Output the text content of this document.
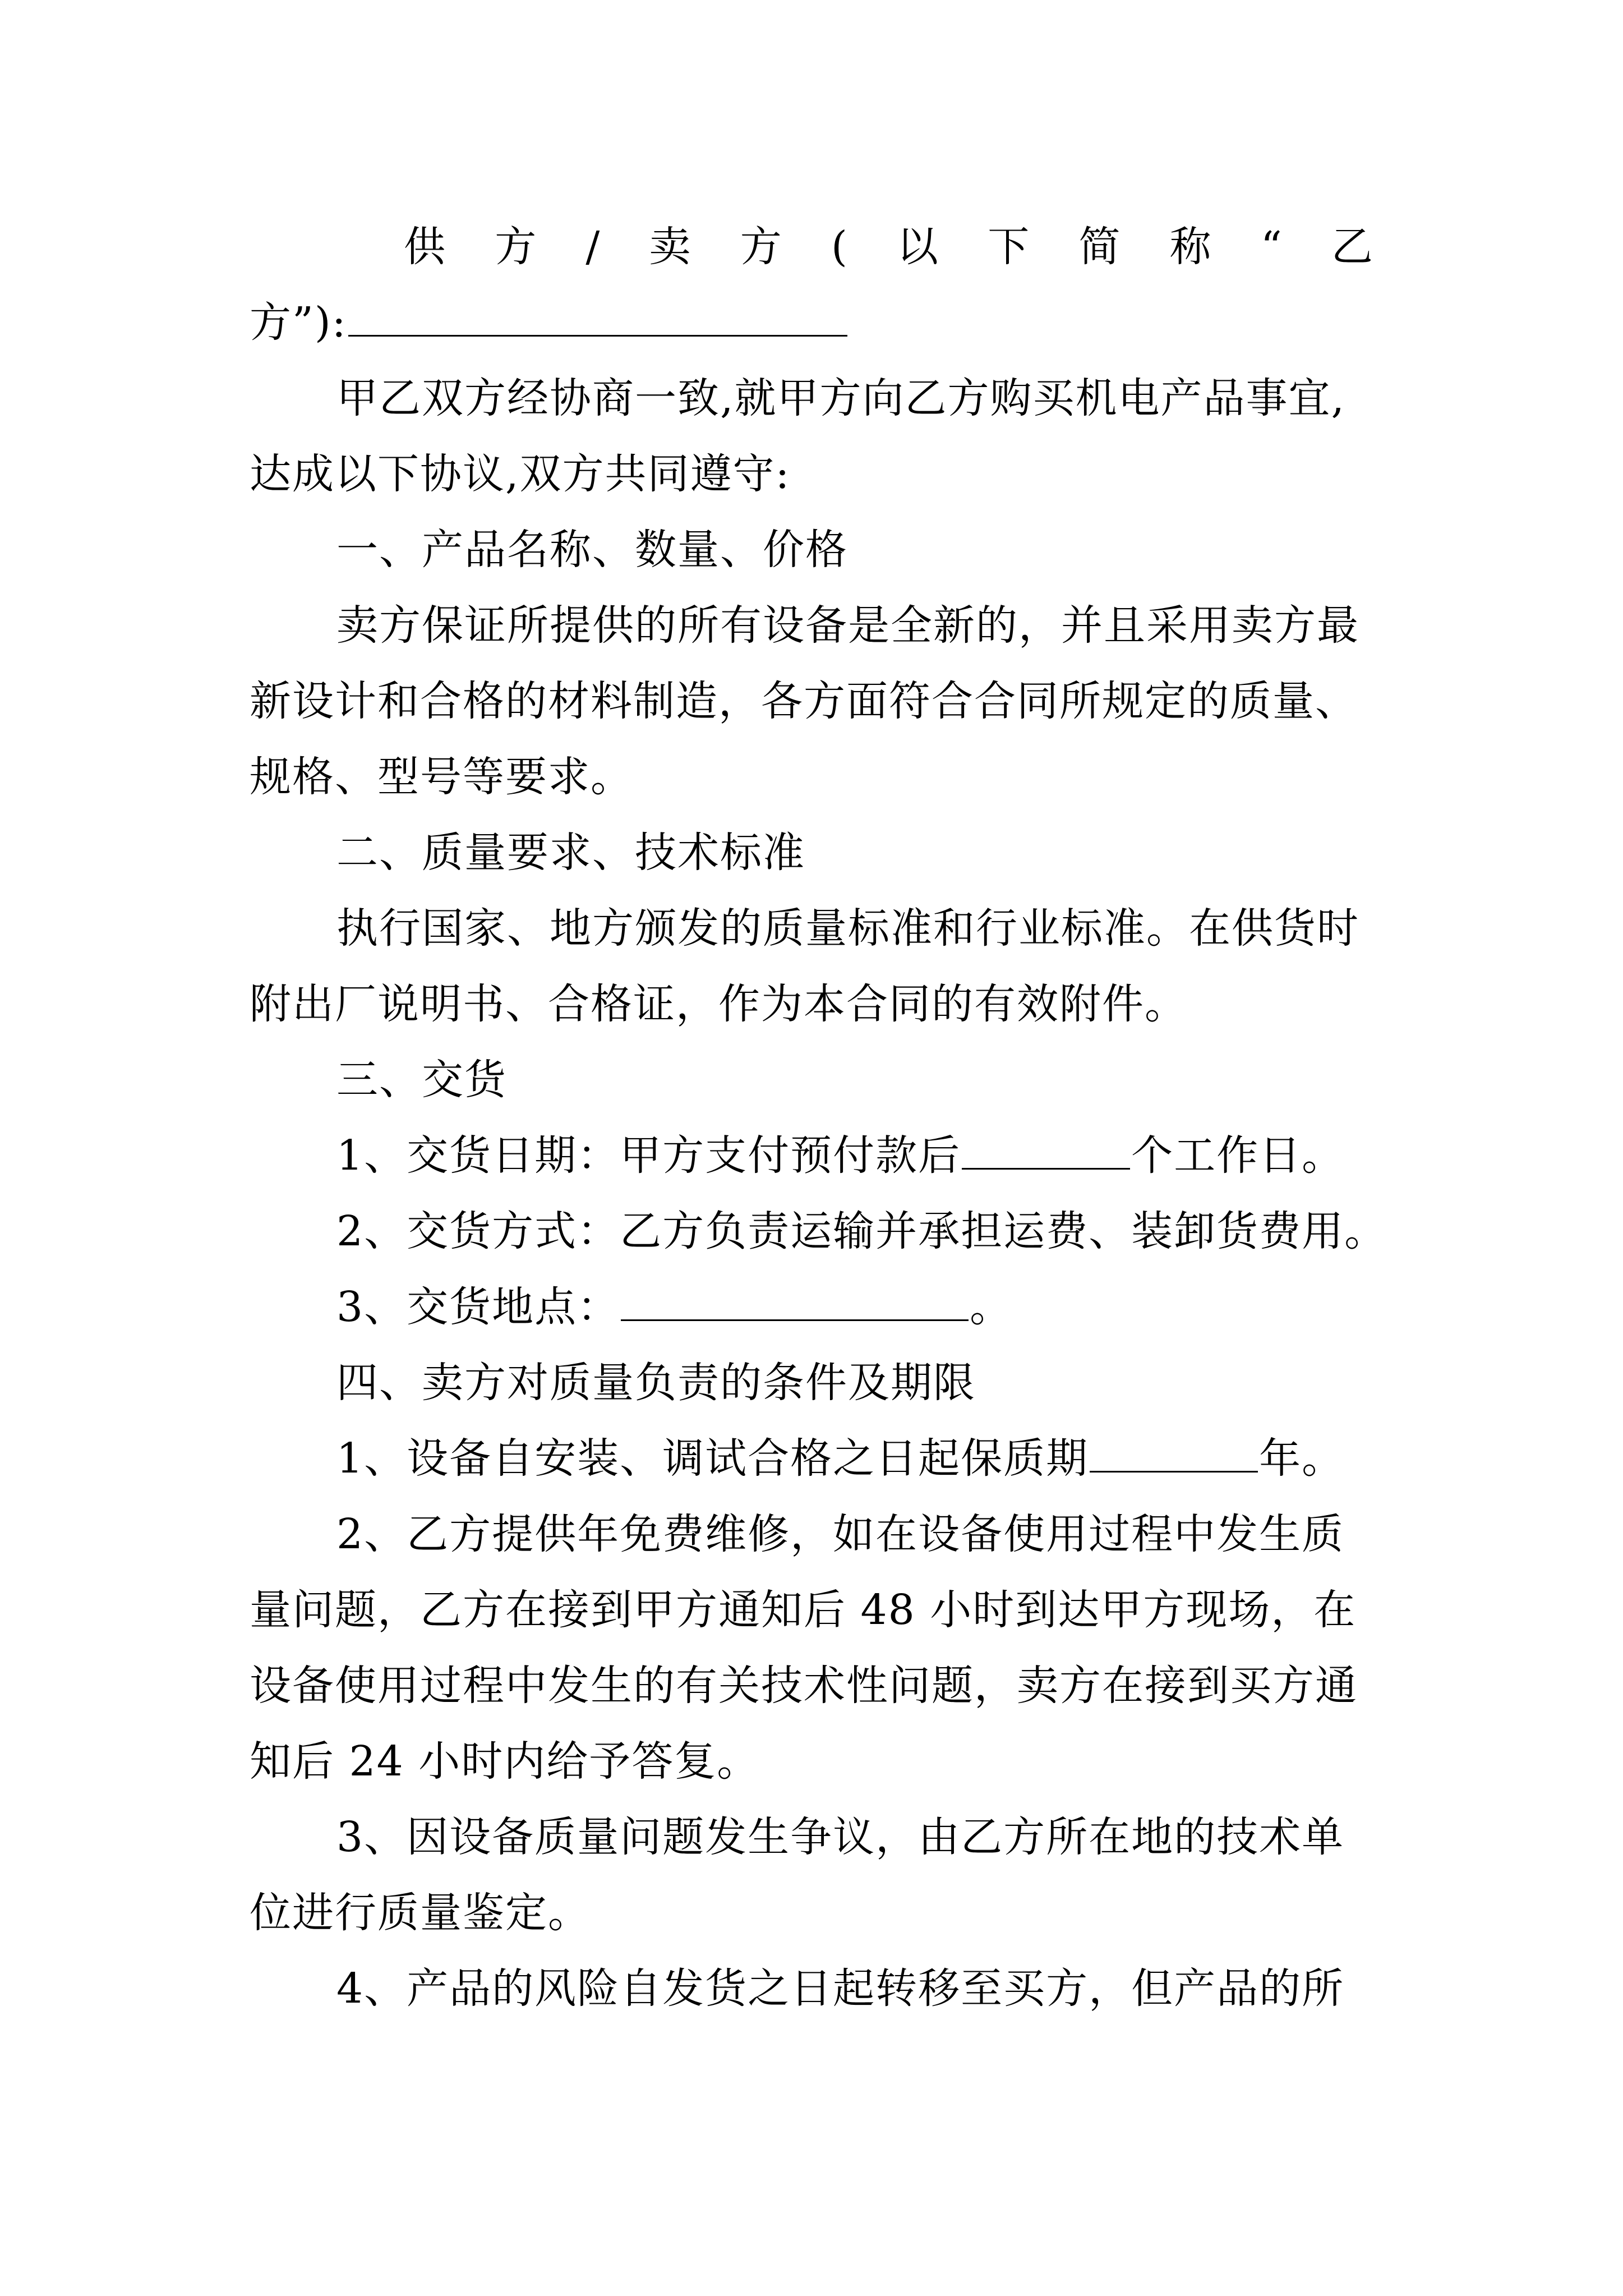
供 方 / 卖 方 ( 以 下 简 称 “ 乙
方”):
甲乙双方经协商一致,就甲方向乙方购买机电产品事宜,
达成以下协议,双方共同遵守:
一、产品名称、数量、价格
卖方保证所提供的所有设备是全新的，并且采用卖方最
新设计和合格的材料制造，各方面符合合同所规定的质量、
规格、型号等要求。
二、质量要求、技术标准
执行国家、地方颁发的质量标准和行业标准。在供货时
附出厂说明书、合格证，作为本合同的有效附件。
三、交货
1、交货日期：甲方支付预付款后	个工作日。
2、交货方式：乙方负责运输并承担运费、装卸货费用。
3、交货地点：	。
四、卖方对质量负责的条件及期限
1、设备自安装、调试合格之日起保质期	年。
2、乙方提供年免费维修，如在设备使用过程中发生质
量问题，乙方在接到甲方通知后 48 小时到达甲方现场，在
设备使用过程中发生的有关技术性问题，卖方在接到买方通
知后 24 小时内给予答复。
3、因设备质量问题发生争议，由乙方所在地的技术单
位进行质量鉴定。
4、产品的风险自发货之日起转移至买方，但产品的所
